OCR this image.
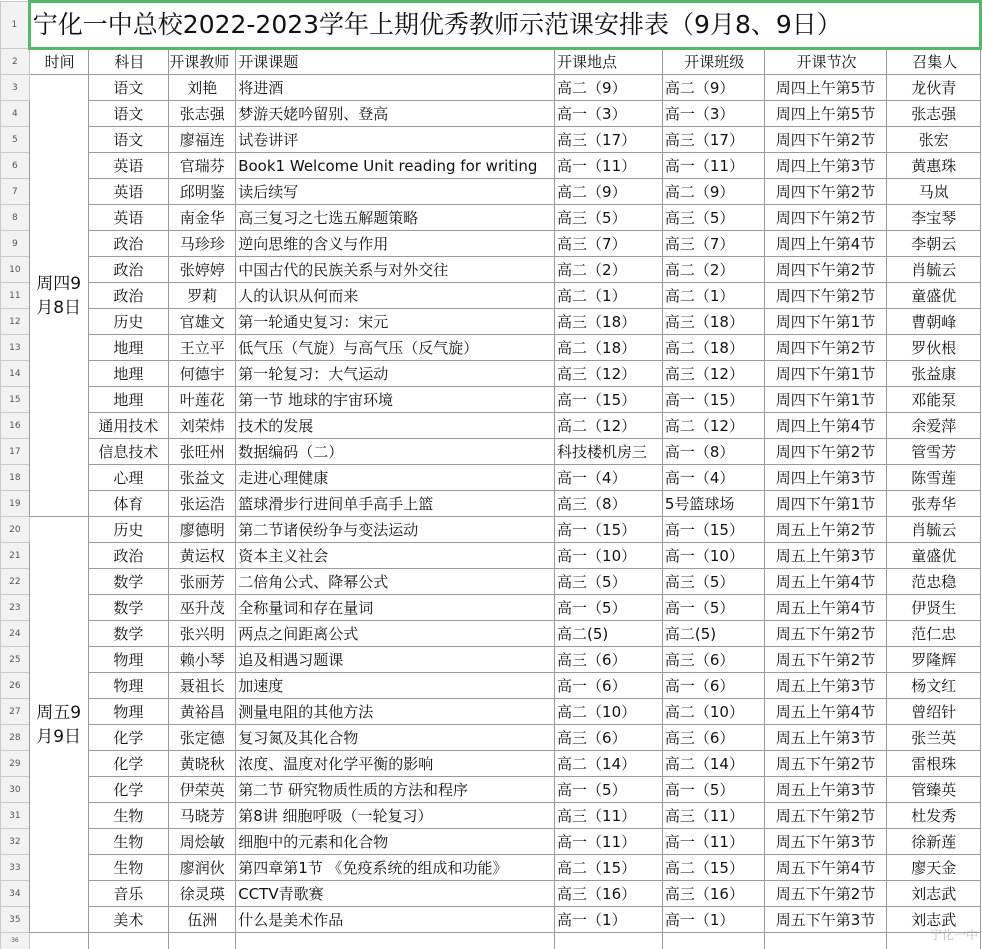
1	宁化一中总校2022-2023学年上期优秀教师示范课安排表（9月8、9日）							
2	时间	科目	开课教师	开课课题	开课地点	开课班级	开课节次	召集人
3	周四9月8日	语文	刘艳	将进酒	高二（9）	高二（9）	周四上午第5节	龙伙青
4		语文	张志强	梦游天姥吟留别、登高	高一（3）	高一（3）	周四上午第5节	张志强
5		语文	廖福连	试卷讲评	高三（17）	高三（17）	周四下午第2节	张宏
6		英语	官瑞芬	Book1 Welcome Unit reading for writing	高一（11）	高一（11）	周四上午第3节	黄惠珠
7		英语	邱明鉴	读后续写	高二（9）	高二（9）	周四下午第2节	马岚
8		英语	南金华	高三复习之七选五解题策略	高三（5）	高三（5）	周四下午第2节	李宝琴
9		政治	马珍珍	逆向思维的含义与作用	高三（7）	高三（7）	周四上午第4节	李朝云
10		政治	张婷婷	中国古代的民族关系与对外交往	高二（2）	高二（2）	周四下午第2节	肖毓云
11		政治	罗莉	人的认识从何而来	高二（1）	高二（1）	周四下午第2节	童盛优
12		历史	官雄文	第一轮通史复习：宋元	高三（18）	高三（18）	周四下午第1节	曹朝峰
13		地理	王立平	低气压（气旋）与高气压（反气旋）	高二（18）	高二（18）	周四下午第2节	罗伙根
14		地理	何德宇	第一轮复习：大气运动	高三（12）	高三（12）	周四下午第1节	张益康
15		地理	叶莲花	第一节 地球的宇宙环境	高一（15）	高一（15）	周四下午第1节	邓能泵
16		通用技术	刘荣炜	技术的发展	高二（12）	高二（12）	周四上午第4节	余爱萍
17		信息技术	张旺州	数据编码（二）	科技楼机房三	高一（8）	周四下午第2节	管雪芳
18		心理	张益文	走进心理健康	高一（4）	高一（4）	周四上午第3节	陈雪莲
19		体育	张运浩	篮球滑步行进间单手高手上篮	高三（8）	5号篮球场	周四下午第1节	张寿华
20	周五9月9日	历史	廖德明	第二节诸侯纷争与变法运动	高一（15）	高一（15）	周五上午第2节	肖毓云
21		政治	黄运权	资本主义社会	高一（10）	高一（10）	周五上午第3节	童盛优
22		数学	张丽芳	二倍角公式、降幂公式	高三（5）	高三（5）	周五上午第4节	范忠稳
23		数学	巫升茂	全称量词和存在量词	高一（5）	高一（5）	周五上午第4节	伊贤生
24		数学	张兴明	两点之间距离公式	高二(5)	高二(5)	周五下午第2节	范仁忠
25		物理	赖小琴	追及相遇习题课	高三（6）	高三（6）	周五下午第2节	罗隆辉
26		物理	聂祖长	加速度	高一（6）	高一（6）	周五上午第3节	杨文红
27		物理	黄裕昌	测量电阻的其他方法	高二（10）	高二（10）	周五上午第4节	曾绍针
28		化学	张定德	复习氮及其化合物	高三（6）	高三（6）	周五上午第3节	张兰英
29		化学	黄晓秋	浓度、温度对化学平衡的影响	高二（14）	高二（14）	周五下午第2节	雷根珠
30		化学	伊荣英	第二节 研究物质性质的方法和程序	高一（5）	高一（5）	周五上午第3节	管臻英
31		生物	马晓芳	第8讲 细胞呼吸（一轮复习）	高三（11）	高三（11）	周五下午第2节	杜发秀
32		生物	周烩敏	细胞中的元素和化合物	高一（11）	高一（11）	周五下午第3节	徐新莲
33		生物	廖润伙	第四章第1节 《免疫系统的组成和功能》	高二（15）	高二（15）	周五下午第4节	廖天金
34		音乐	徐灵瑛	CCTV青歌赛	高三（16）	高三（16）	周五下午第2节	刘志武
35		美术	伍洲	什么是美术作品	高一（1）	高一（1）	周五下午第3节	刘志武
36									宁化一中
